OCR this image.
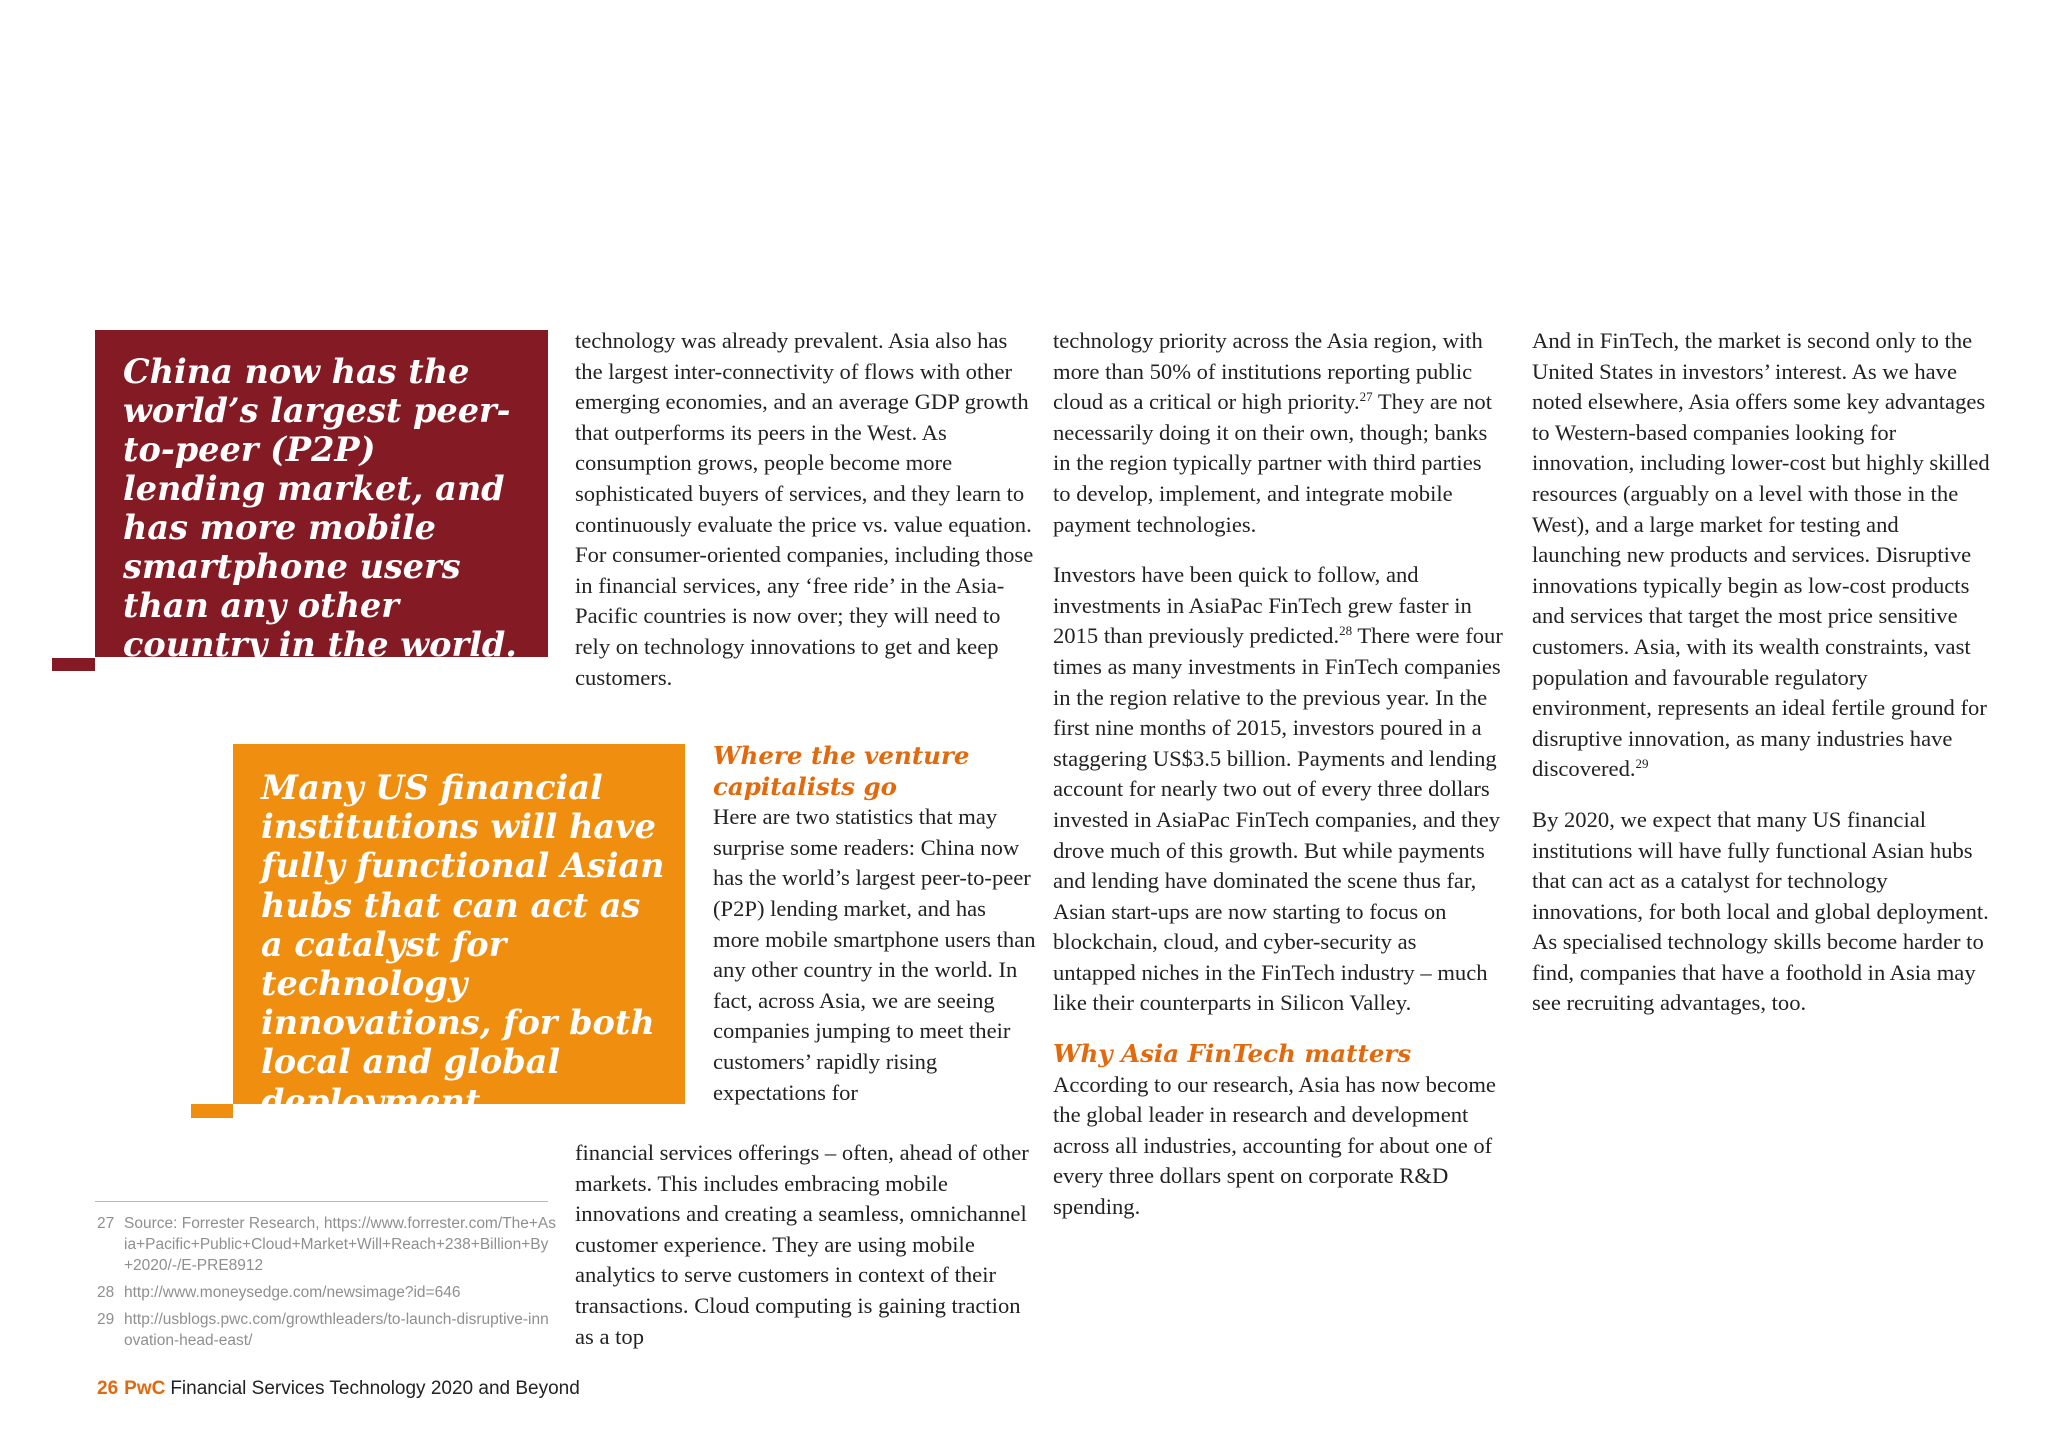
China now has the world’s largest peer-to-peer (P2P) lending market, and has more mobile smartphone users than any other country in the world.
Many US financial institutions will have fully functional Asian hubs that can act as a catalyst for technology innovations, for both local and global deployment.

technology was already prevalent. Asia also has the largest inter-connectivity of flows with other emerging economies, and an average GDP growth that outperforms its peers in the West. As consumption grows, people become more sophisticated buyers of services, and they learn to continuously evaluate the price vs. value equation. For consumer-oriented companies, including those in financial services, any ‘free ride’ in the Asia-Pacific countries is now over; they will need to rely on technology innovations to get and keep customers.

Where the venture capitalists go

Here are two statistics that may surprise some readers: China now has the world’s largest peer-to-peer (P2P) lending market, and has more mobile smartphone users than any other country in the world. In fact, across Asia, we are seeing companies jumping to meet their customers’ rapidly rising expectations for

financial services offerings – often, ahead of other markets. This includes embracing mobile innovations and creating a seamless, omnichannel customer experience. They are using mobile analytics to serve customers in context of their transactions. Cloud computing is gaining traction as a top

technology priority across the Asia region, with more than 50% of institutions reporting public cloud as a critical or high priority.$^{27}$ They are not necessarily doing it on their own, though; banks in the region typically partner with third parties to develop, implement, and integrate mobile payment technologies.

Investors have been quick to follow, and investments in AsiaPac FinTech grew faster in 2015 than previously predicted.$^{28}$ There were four times as many investments in FinTech companies in the region relative to the previous year. In the first nine months of 2015, investors poured in a staggering US$3.5 billion. Payments and lending account for nearly two out of every three dollars invested in AsiaPac FinTech companies, and they drove much of this growth. But while payments and lending have dominated the scene thus far, Asian start-ups are now starting to focus on blockchain, cloud, and cyber-security as untapped niches in the FinTech industry – much like their counterparts in Silicon Valley.

Why Asia FinTech matters

According to our research, Asia has now become the global leader in research and development across all industries, accounting for about one of every three dollars spent on corporate R&D spending.

And in FinTech, the market is second only to the United States in investors’ interest. As we have noted elsewhere, Asia offers some key advantages to Western-based companies looking for innovation, including lower-cost but highly skilled resources (arguably on a level with those in the West), and a large market for testing and launching new products and services. Disruptive innovations typically begin as low-cost products and services that target the most price sensitive customers. Asia, with its wealth constraints, vast population and favourable regulatory environment, represents an ideal fertile ground for disruptive innovation, as many industries have discovered.$^{29}$

By 2020, we expect that many US financial institutions will have fully functional Asian hubs that can act as a catalyst for technology innovations, for both local and global deployment. As specialised technology skills become harder to find, companies that have a foothold in Asia may see recruiting advantages, too.

27 Source: Forrester Research, https://www.forrester.com/The+Asia+Pacific+Public+Cloud+Market+Will+Reach+238+Billion+By+2020/-/E-PRE8912
28 http://www.moneysedge.com/newsimage?id=646
29 http://usblogs.pwc.com/growthleaders/to-launch-disruptive-innovation-head-east/
26 PwC Financial Services Technology 2020 and Beyond
